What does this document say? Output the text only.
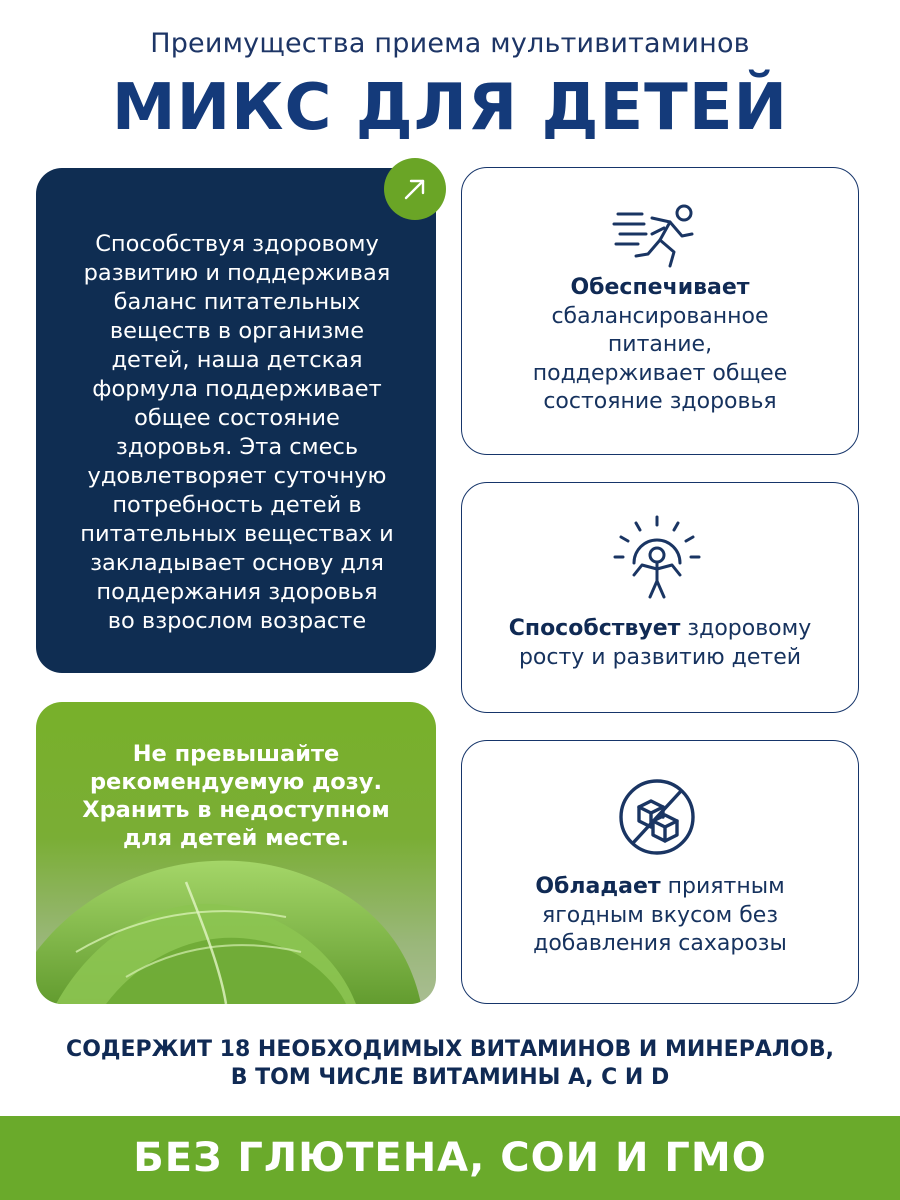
Преимущества приема мультивитаминов
МИКС ДЛЯ ДЕТЕЙ
Способствуя здоровому
развитию и поддерживая
баланс питательных
веществ в организме
детей, наша детская
формула поддерживает
общее состояние
здоровья. Эта смесь
удовлетворяет суточную
потребность детей в
питательных веществах и
закладывает основу для
поддержания здоровья
во взрослом возрасте
Не превышайте
рекомендуемую дозу.
Хранить в недоступном
для детей месте.
Обеспечивает
сбалансированное
питание,
поддерживает общее
состояние здоровья
Способствует здоровому
росту и развитию детей
Обладает приятным
ягодным вкусом без
добавления сахарозы
СОДЕРЖИТ 18 НЕОБХОДИМЫХ ВИТАМИНОВ И МИНЕРАЛОВ,
В ТОМ ЧИСЛЕ ВИТАМИНЫ А, С И D
БЕЗ ГЛЮТЕНА, СОИ И ГМО
